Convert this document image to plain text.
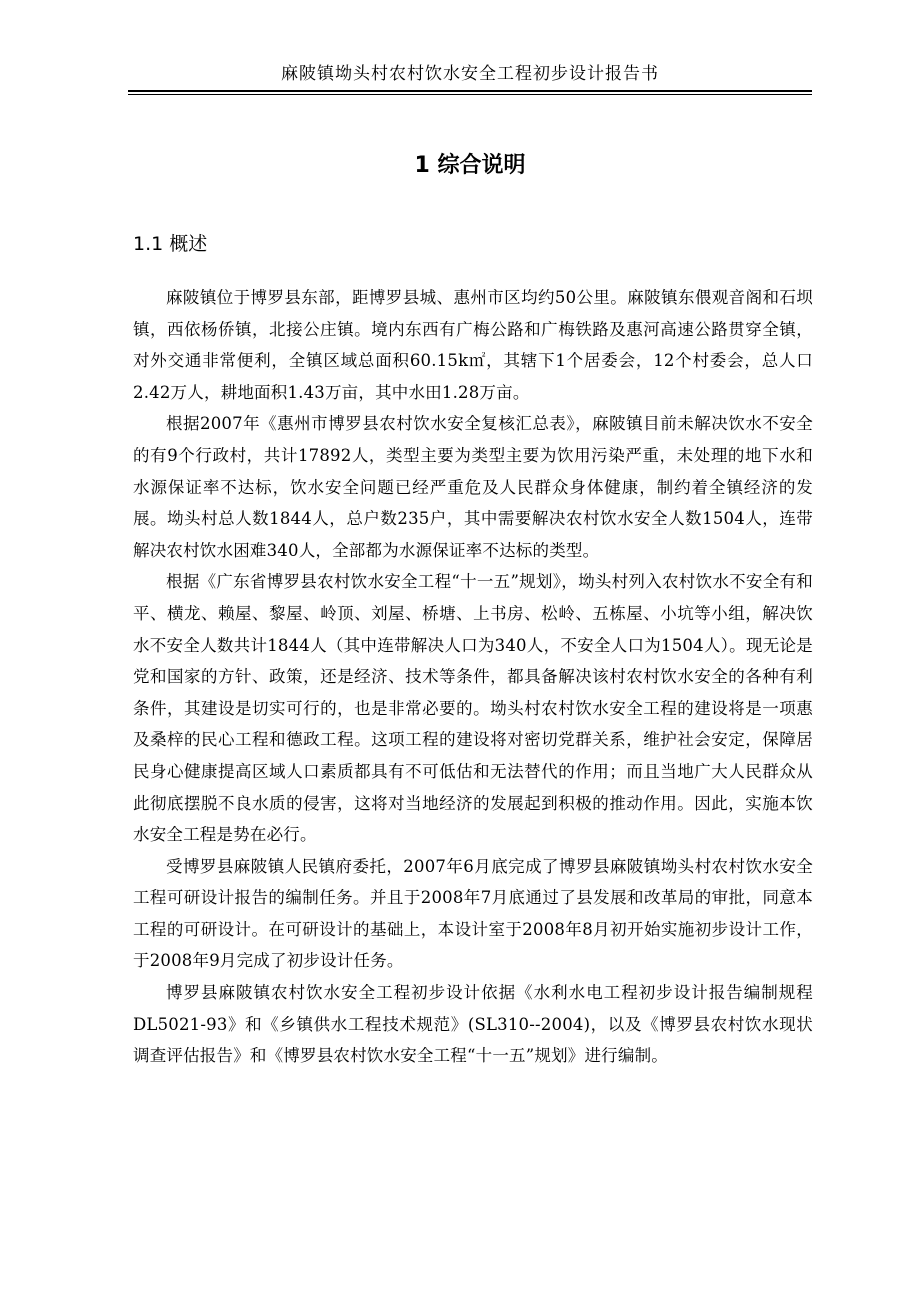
麻陂镇坳头村农村饮水安全工程初步设计报告书
1 综合说明
1.1 概述

麻陂镇位于博罗县东部，距博罗县城、惠州市区均约50公里。麻陂镇东偎观音阁和石坝镇，西依杨侨镇，北接公庄镇。境内东西有广梅公路和广梅铁路及惠河高速公路贯穿全镇，对外交通非常便利，全镇区域总面积60.15k㎡，其辖下1个居委会，12个村委会，总人口2.42万人，耕地面积1.43万亩，其中水田1.28万亩。

根据2007年《惠州市博罗县农村饮水安全复核汇总表》，麻陂镇目前未解决饮水不安全的有9个行政村，共计17892人，类型主要为类型主要为饮用污染严重，未处理的地下水和水源保证率不达标，饮水安全问题已经严重危及人民群众身体健康，制约着全镇经济的发展。坳头村总人数1844人，总户数235户，其中需要解决农村饮水安全人数1504人，连带解决农村饮水困难340人，全部都为水源保证率不达标的类型。

根据《广东省博罗县农村饮水安全工程“十一五”规划》，坳头村列入农村饮水不安全有和平、横龙、赖屋、黎屋、岭顶、刘屋、桥塘、上书房、松岭、五栋屋、小坑等小组，解决饮水不安全人数共计1844人（其中连带解决人口为340人，不安全人口为1504人）。现无论是党和国家的方针、政策，还是经济、技术等条件，都具备解决该村农村饮水安全的各种有利条件，其建设是切实可行的，也是非常必要的。坳头村农村饮水安全工程的建设将是一项惠及桑梓的民心工程和德政工程。这项工程的建设将对密切党群关系，维护社会安定，保障居民身心健康提高区域人口素质都具有不可低估和无法替代的作用；而且当地广大人民群众从此彻底摆脱不良水质的侵害，这将对当地经济的发展起到积极的推动作用。因此，实施本饮水安全工程是势在必行。

受博罗县麻陂镇人民镇府委托，2007年6月底完成了博罗县麻陂镇坳头村农村饮水安全工程可研设计报告的编制任务。并且于2008年7月底通过了县发展和改革局的审批，同意本工程的可研设计。在可研设计的基础上，本设计室于2008年8月初开始实施初步设计工作，于2008年9月完成了初步设计任务。

博罗县麻陂镇农村饮水安全工程初步设计依据《水利水电工程初步设计报告编制规程DL5021-93》和《乡镇供水工程技术规范》(SL310--2004)，以及《博罗县农村饮水现状调查评估报告》和《博罗县农村饮水安全工程“十一五”规划》进行编制。
